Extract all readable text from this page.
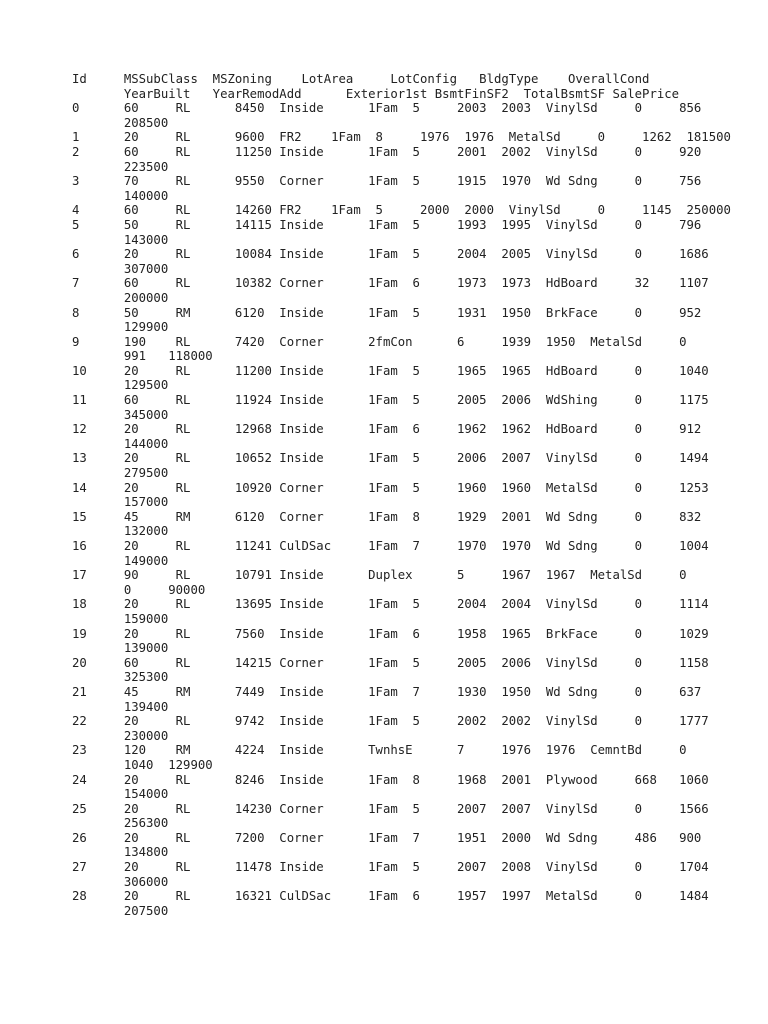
Id     MSSubClass  MSZoning    LotArea     LotConfig   BldgType    OverallCond
YearBuilt   YearRemodAdd      Exterior1st BsmtFinSF2  TotalBsmtSF SalePrice
0      60     RL      8450  Inside      1Fam  5     2003  2003  VinylSd     0     856
208500
1      20     RL      9600  FR2    1Fam  8     1976  1976  MetalSd     0     1262  181500
2      60     RL      11250 Inside      1Fam  5     2001  2002  VinylSd     0     920
223500
3      70     RL      9550  Corner      1Fam  5     1915  1970  Wd Sdng     0     756
140000
4      60     RL      14260 FR2    1Fam  5     2000  2000  VinylSd     0     1145  250000
5      50     RL      14115 Inside      1Fam  5     1993  1995  VinylSd     0     796
143000
6      20     RL      10084 Inside      1Fam  5     2004  2005  VinylSd     0     1686
307000
7      60     RL      10382 Corner      1Fam  6     1973  1973  HdBoard     32    1107
200000
8      50     RM      6120  Inside      1Fam  5     1931  1950  BrkFace     0     952
129900
9      190    RL      7420  Corner      2fmCon      6     1939  1950  MetalSd     0
991   118000
10     20     RL      11200 Inside      1Fam  5     1965  1965  HdBoard     0     1040
129500
11     60     RL      11924 Inside      1Fam  5     2005  2006  WdShing     0     1175
345000
12     20     RL      12968 Inside      1Fam  6     1962  1962  HdBoard     0     912
144000
13     20     RL      10652 Inside      1Fam  5     2006  2007  VinylSd     0     1494
279500
14     20     RL      10920 Corner      1Fam  5     1960  1960  MetalSd     0     1253
157000
15     45     RM      6120  Corner      1Fam  8     1929  2001  Wd Sdng     0     832
132000
16     20     RL      11241 CulDSac     1Fam  7     1970  1970  Wd Sdng     0     1004
149000
17     90     RL      10791 Inside      Duplex      5     1967  1967  MetalSd     0
0     90000
18     20     RL      13695 Inside      1Fam  5     2004  2004  VinylSd     0     1114
159000
19     20     RL      7560  Inside      1Fam  6     1958  1965  BrkFace     0     1029
139000
20     60     RL      14215 Corner      1Fam  5     2005  2006  VinylSd     0     1158
325300
21     45     RM      7449  Inside      1Fam  7     1930  1950  Wd Sdng     0     637
139400
22     20     RL      9742  Inside      1Fam  5     2002  2002  VinylSd     0     1777
230000
23     120    RM      4224  Inside      TwnhsE      7     1976  1976  CemntBd     0
1040  129900
24     20     RL      8246  Inside      1Fam  8     1968  2001  Plywood     668   1060
154000
25     20     RL      14230 Corner      1Fam  5     2007  2007  VinylSd     0     1566
256300
26     20     RL      7200  Corner      1Fam  7     1951  2000  Wd Sdng     486   900
134800
27     20     RL      11478 Inside      1Fam  5     2007  2008  VinylSd     0     1704
306000
28     20     RL      16321 CulDSac     1Fam  6     1957  1997  MetalSd     0     1484
207500
